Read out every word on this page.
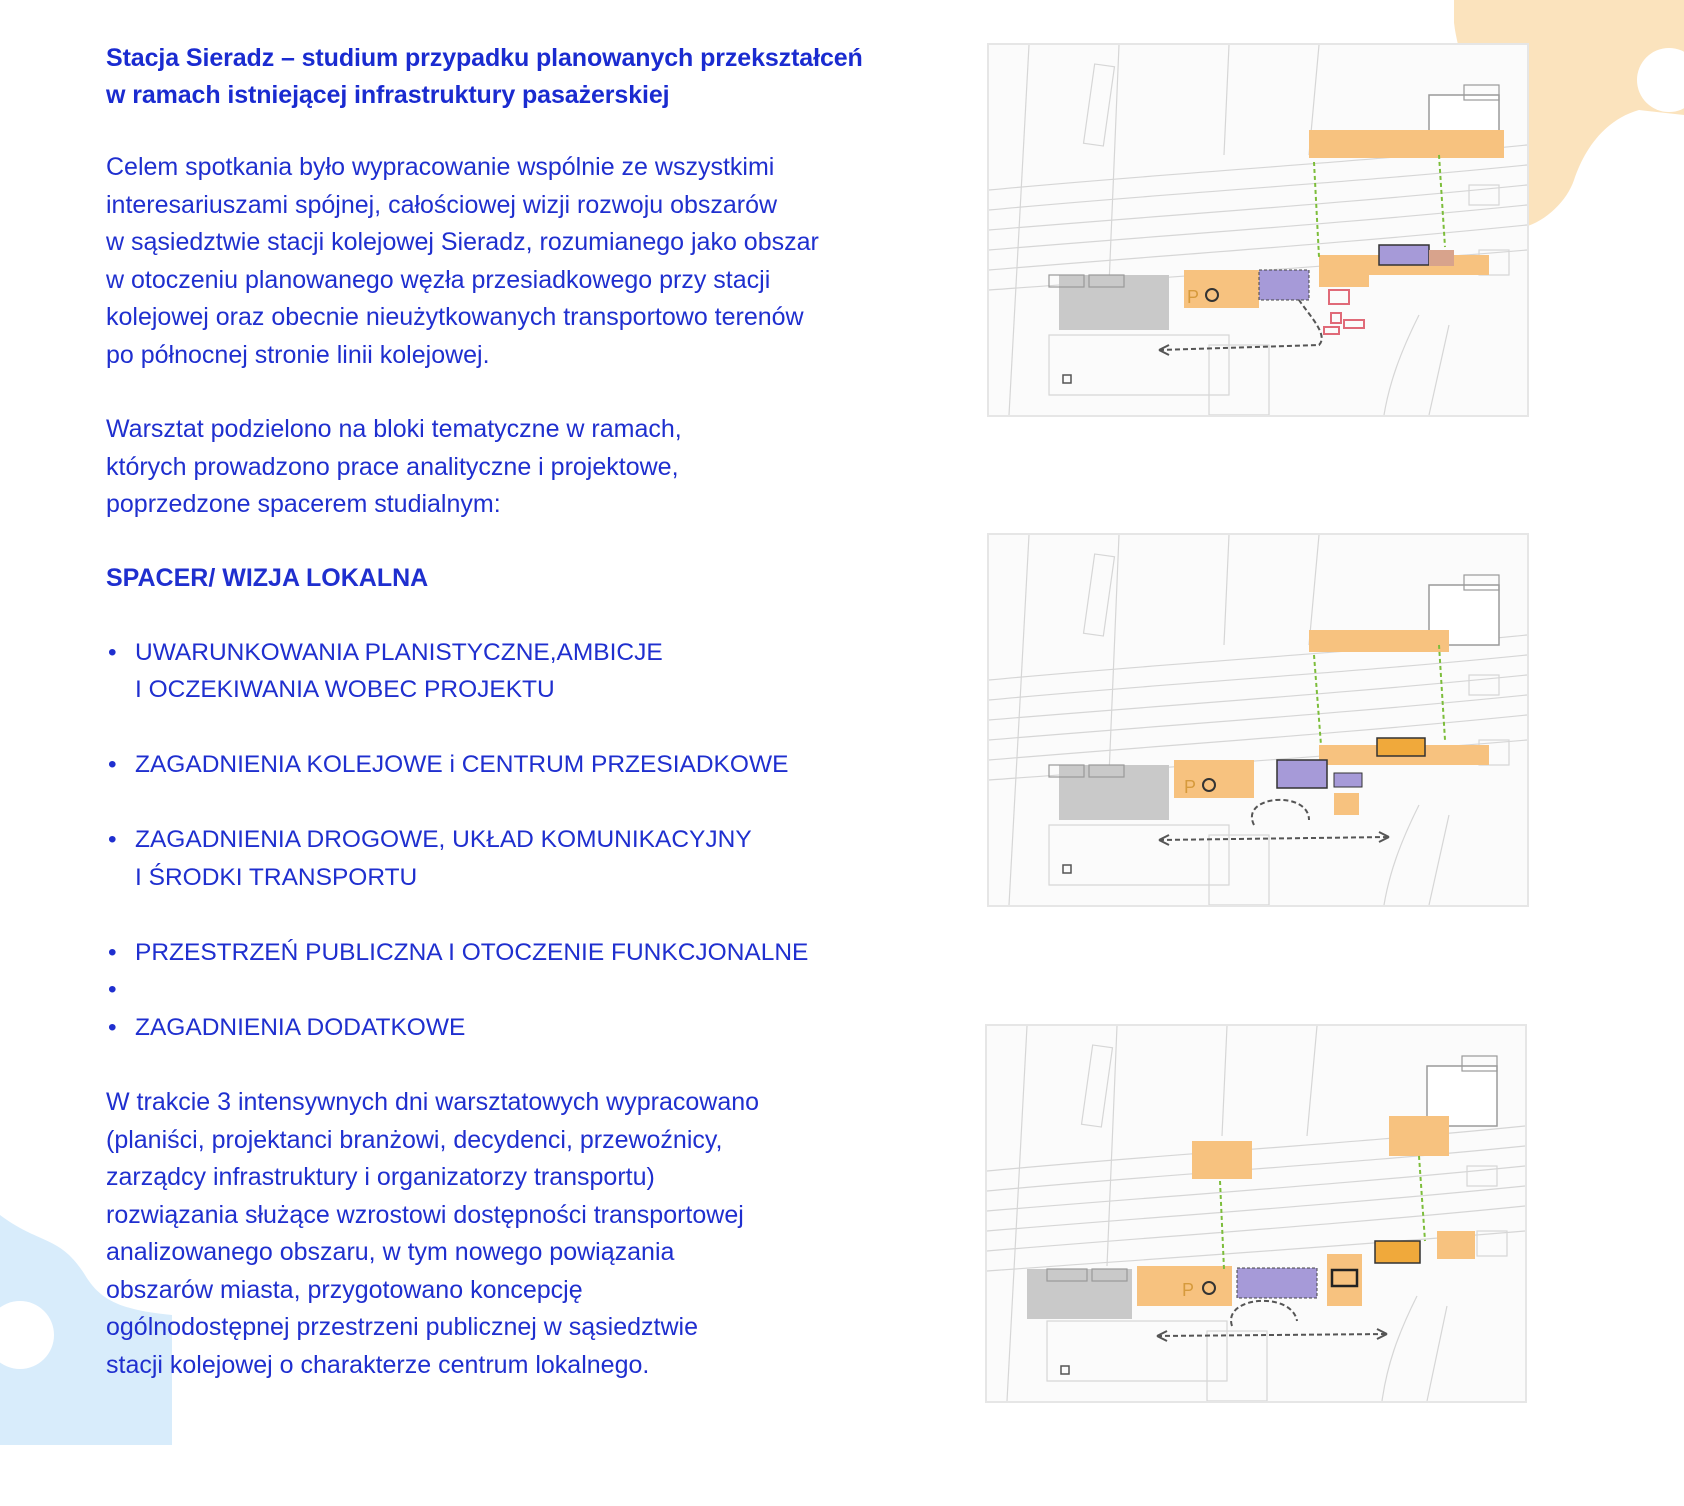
Stacja Sieradz – studium przypadku planowanych przekształceń
w ramach istniejącej infrastruktury pasażerskiej

Celem spotkania było wypracowanie wspólnie ze wszystkimi
interesariuszami spójnej, całościowej wizji rozwoju obszarów
w sąsiedztwie stacji kolejowej Sieradz, rozumianego jako obszar
w otoczeniu planowanego węzła przesiadkowego przy stacji
kolejowej oraz obecnie nieużytkowanych transportowo terenów
po północnej stronie linii kolejowej.

Warsztat podzielono na bloki tematyczne w ramach,
których prowadzono prace analityczne i projektowe,
poprzedzone spacerem studialnym:

SPACER/ WIZJA LOKALNA
• UWARUNKOWANIA PLANISTYCZNE,AMBICJE
I OCZEKIWANIA WOBEC PROJEKTU
• ZAGADNIENIA KOLEJOWE i CENTRUM PRZESIADKOWE
• ZAGADNIENIA DROGOWE, UKŁAD KOMUNIKACYJNY
I ŚRODKI TRANSPORTU
• PRZESTRZEŃ PUBLICZNA I OTOCZENIE FUNKCJONALNE
•

• ZAGADNIENIA DODATKOWE

W trakcie 3 intensywnych dni warsztatowych wypracowano
(planiści, projektanci branżowi, decydenci, przewoźnicy,
zarządcy infrastruktury i organizatorzy transportu)
rozwiązania służące wzrostowi dostępności transportowej
analizowanego obszaru, w tym nowego powiązania
obszarów miasta, przygotowano koncepcję
ogólnodostępnej przestrzeni publicznej w sąsiedztwie
stacji kolejowej o charakterze centrum lokalnego.

P
P
P
